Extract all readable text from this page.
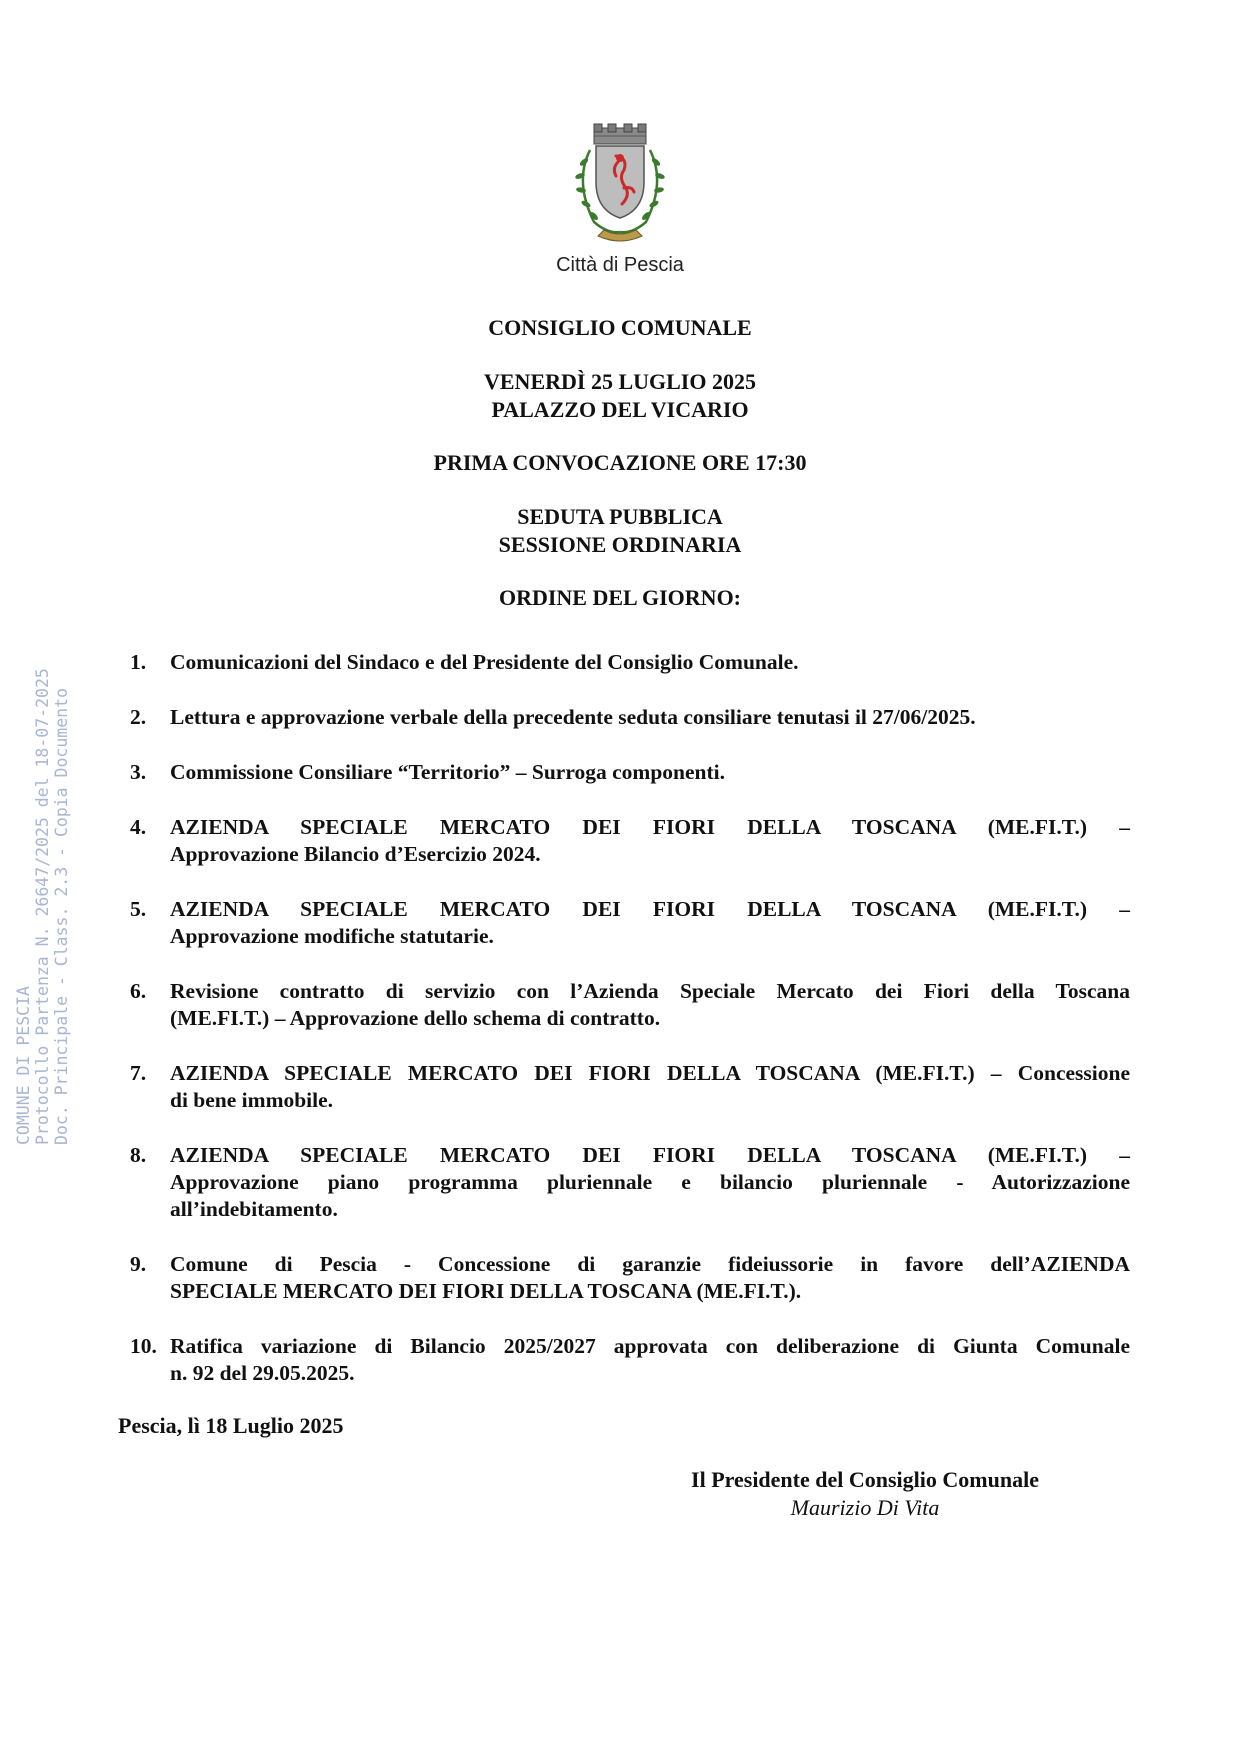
COMUNE DI PESCIA
Protocollo Partenza N. 26647/2025 del 18-07-2025
Doc. Principale - Class. 2.3 - Copia Documento
Città di Pescia
CONSIGLIO COMUNALE
VENERDÌ 25 LUGLIO 2025
PALAZZO DEL VICARIO
PRIMA CONVOCAZIONE ORE 17:30
SEDUTA PUBBLICA
SESSIONE ORDINARIA
ORDINE DEL GIORNO:
1.	Comunicazioni del Sindaco e del Presidente del Consiglio Comunale.
2.	Lettura e approvazione verbale della precedente seduta consiliare tenutasi il 27/06/2025.
3.	Commissione Consiliare “Territorio” – Surroga componenti.
4.	AZIENDA SPECIALE MERCATO DEI FIORI DELLA TOSCANA (ME.FI.T.) –
Approvazione Bilancio d’Esercizio 2024.
5.	AZIENDA SPECIALE MERCATO DEI FIORI DELLA TOSCANA (ME.FI.T.) –
Approvazione modifiche statutarie.
6.	Revisione contratto di servizio con l’Azienda Speciale Mercato dei Fiori della Toscana
(ME.FI.T.) – Approvazione dello schema di contratto.
7.	AZIENDA SPECIALE MERCATO DEI FIORI DELLA TOSCANA (ME.FI.T.) – Concessione
di bene immobile.
8.	AZIENDA SPECIALE MERCATO DEI FIORI DELLA TOSCANA (ME.FI.T.) –
Approvazione piano programma pluriennale e bilancio pluriennale - Autorizzazione
all’indebitamento.
9.	Comune di Pescia - Concessione di garanzie fideiussorie in favore dell’AZIENDA
SPECIALE MERCATO DEI FIORI DELLA TOSCANA (ME.FI.T.).
10. Ratifica variazione di Bilancio 2025/2027 approvata con deliberazione di Giunta Comunale
n. 92 del 29.05.2025.
Pescia, lì 18 Luglio 2025
Il Presidente del Consiglio Comunale
Maurizio Di Vita
